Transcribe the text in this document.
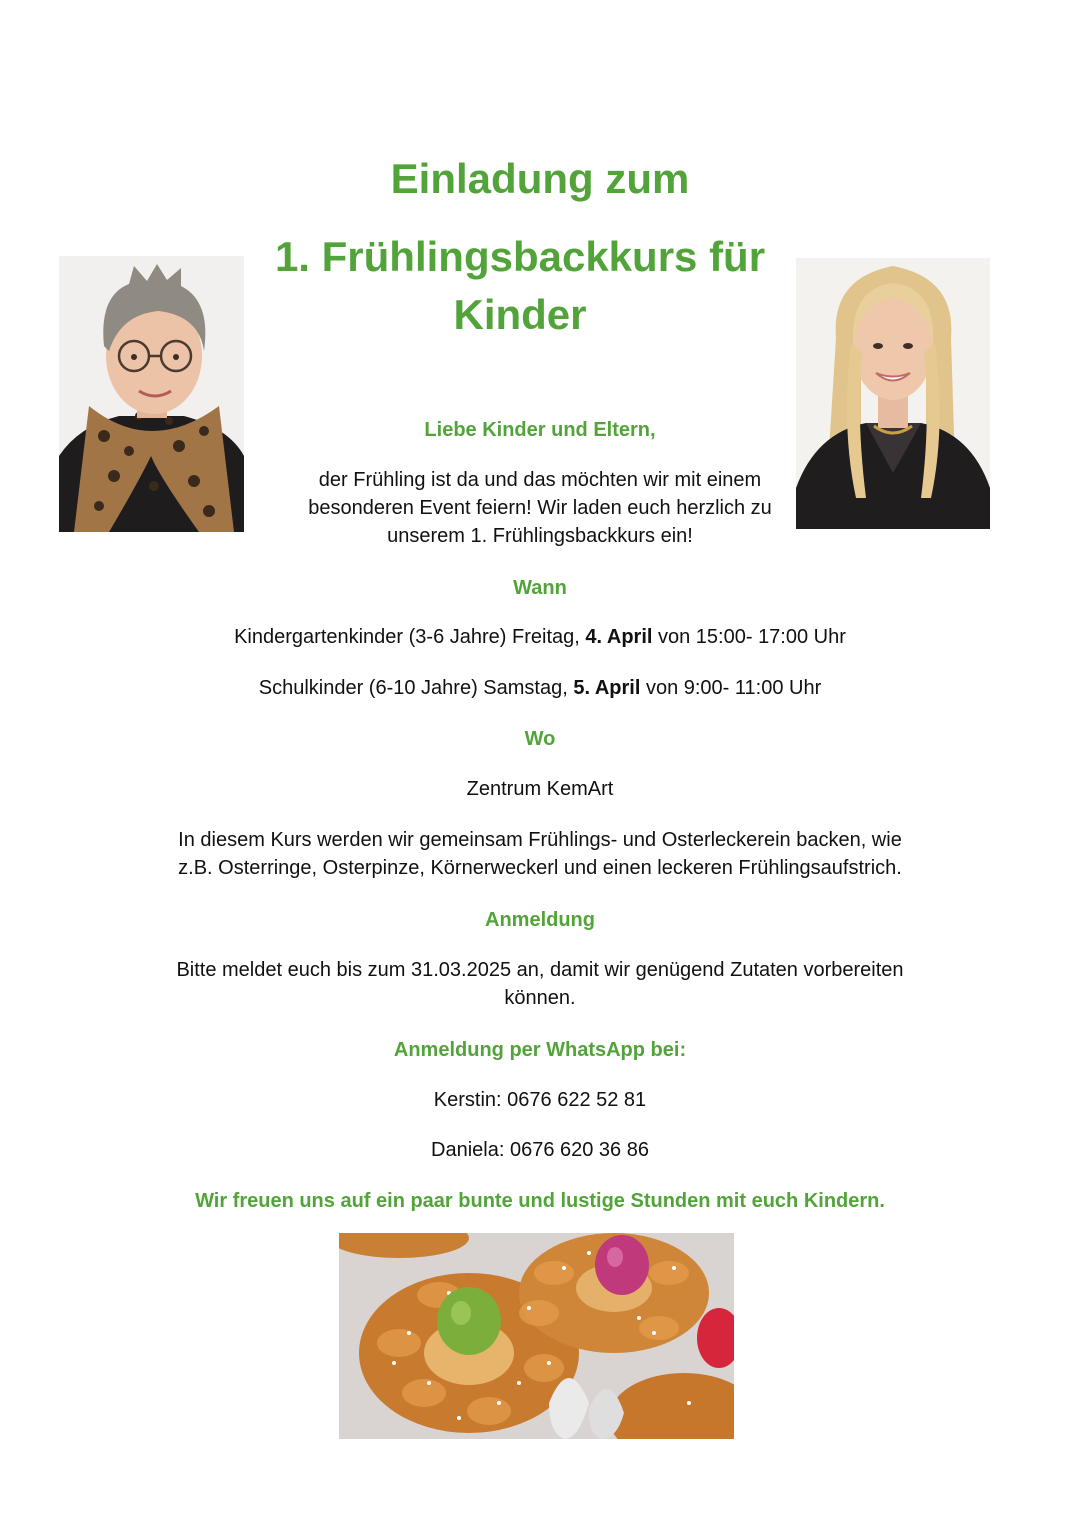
Einladung zum
1. Frühlingsbackkurs für
Kinder
Liebe Kinder und Eltern,
der Frühling ist da und das möchten wir mit einem
besonderen Event feiern! Wir laden euch herzlich zu
unserem 1. Frühlingsbackkurs ein!
Wann
Kindergartenkinder (3-6 Jahre) Freitag, 4. April von 15:00- 17:00 Uhr
Schulkinder (6-10 Jahre) Samstag, 5. April von 9:00- 11:00 Uhr
Wo
Zentrum KemArt
In diesem Kurs werden wir gemeinsam Frühlings- und Osterleckerein backen, wie
z.B. Osterringe, Osterpinze, Körnerweckerl und einen leckeren Frühlingsaufstrich.
Anmeldung
Bitte meldet euch bis zum 31.03.2025 an, damit wir genügend Zutaten vorbereiten
können.
Anmeldung per WhatsApp bei:
Kerstin: 0676 622 52 81
Daniela: 0676 620 36 86
Wir freuen uns auf ein paar bunte und lustige Stunden mit euch Kindern.
